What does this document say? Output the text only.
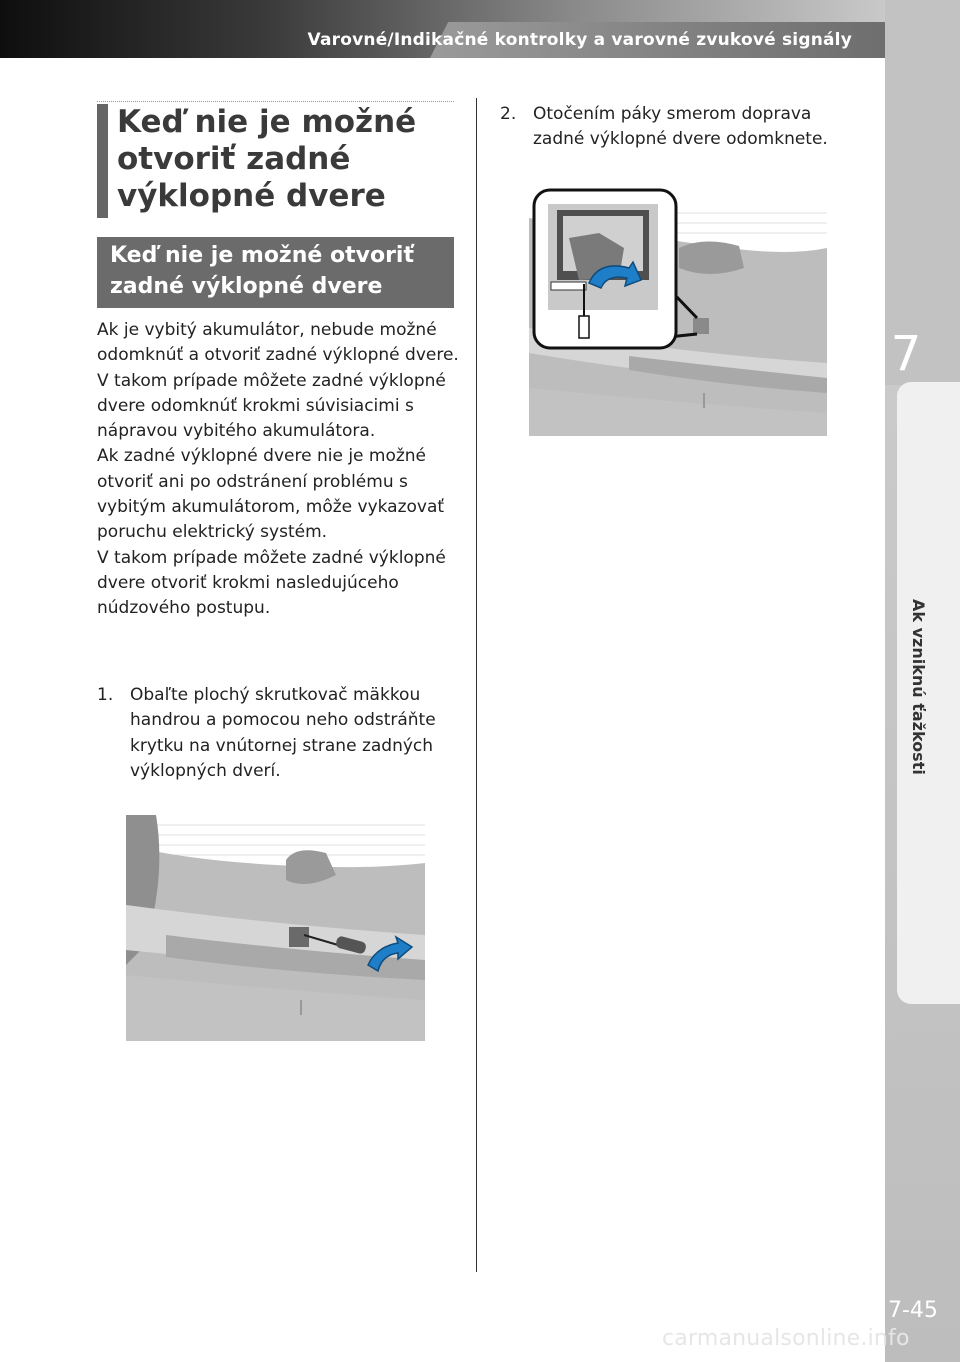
Varovné/Indikačné kontrolky a varovné zvukové signály
7
Ak vzniknú ťažkosti
7-45
carmanualsonline.info
Keď nie je možné otvoriť zadné výklopné dvere
Keď nie je možné otvoriť zadné výklopné dvere

Ak je vybitý akumulátor, nebude možné odomknúť a otvoriť zadné výklopné dvere.

V takom prípade môžete zadné výklopné dvere odomknúť krokmi súvisiacimi s nápravou vybitého akumulátora.

Ak zadné výklopné dvere nie je možné otvoriť ani po odstránení problému s vybitým akumulátorom, môže vykazovať poruchu elektrický systém.

V takom prípade môžete zadné výklopné dvere otvoriť krokmi nasledujúceho núdzového postupu.

1. Obaľte plochý skrutkovač mäkkou handrou a pomocou neho odstráňte krytku na vnútornej strane zadných výklopných dverí.
2. Otočením páky smerom doprava zadné výklopné dvere odomknete.
